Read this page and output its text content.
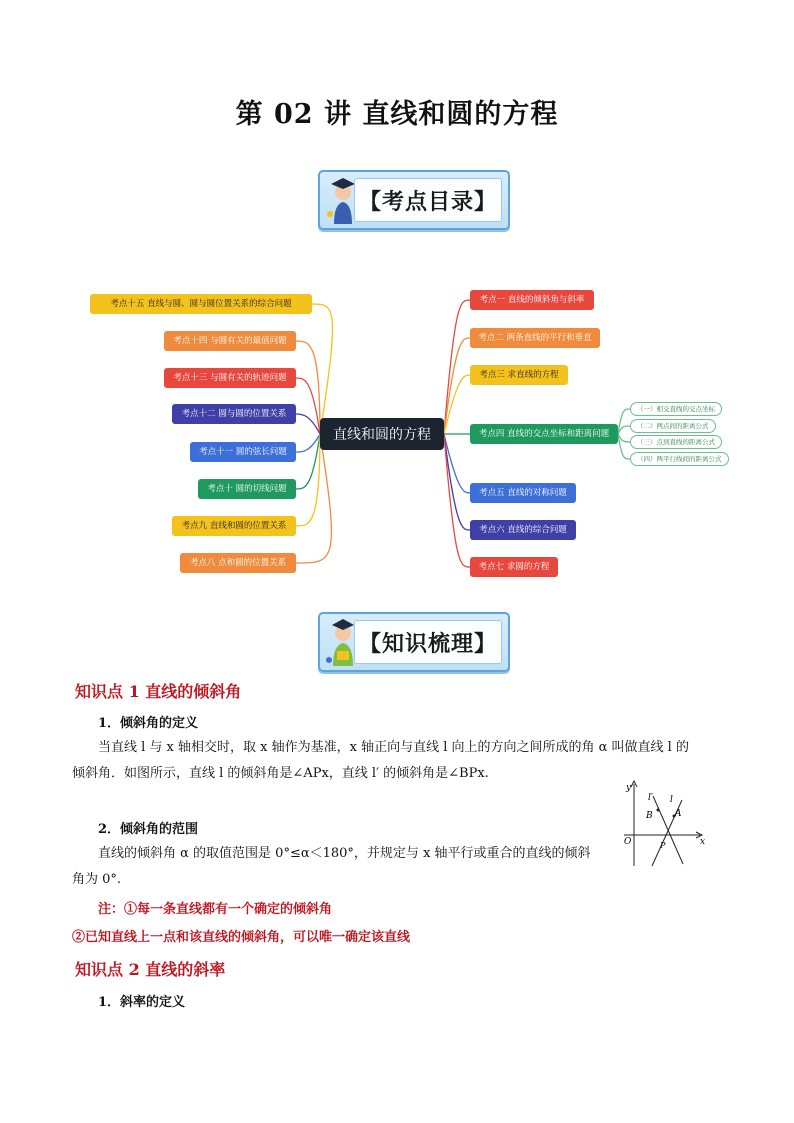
第 02 讲 直线和圆的方程
【考点目录】
直线和圆的方程
考点一 直线的倾斜角与斜率
考点二 两条直线的平行和垂直
考点三 求直线的方程
考点四 直线的交点坐标和距离问题
考点五 直线的对称问题
考点六 直线的综合问题
考点七 求圆的方程
（一）相交直线的交点坐标
（二）两点间的距离公式
（三）点到直线的距离公式
（四）两平行线间的距离公式
考点十五 直线与圆、圆与圆位置关系的综合问题
考点十四 与圆有关的最值问题
考点十三 与圆有关的轨迹问题
考点十二 圆与圆的位置关系
考点十一 圆的弦长问题
考点十 圆的切线问题
考点九 直线和圆的位置关系
考点八 点和圆的位置关系
【知识梳理】
知识点 1 直线的倾斜角
1．倾斜角的定义
当直线 l 与 x 轴相交时，取 x 轴作为基准，x 轴正向与直线 l 向上的方向之间所成的角 α 叫做直线 l 的
倾斜角．如图所示，直线 l 的倾斜角是∠APx，直线 l′ 的倾斜角是∠BPx.
2．倾斜角的范围
直线的倾斜角 α 的取值范围是 0°≤α＜180°，并规定与 x 轴平行或重合的直线的倾斜
角为 0°.
注：①每一条直线都有一个确定的倾斜角
②已知直线上一点和该直线的倾斜角，可以唯一确定该直线
y
x
O
l′ l
B A
P
知识点 2 直线的斜率
1．斜率的定义
